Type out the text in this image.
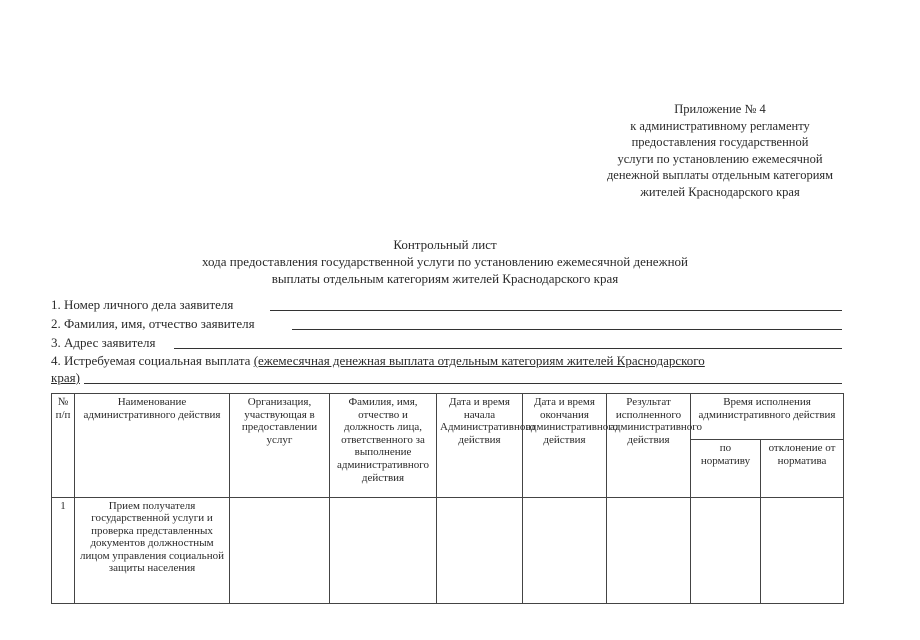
Приложение № 4
к административному регламенту
предоставления государственной
услуги по установлению ежемесячной
денежной выплаты отдельным категориям
жителей Краснодарского края
Контрольный лист
хода предоставления государственной услуги по установлению ежемесячной денежной
выплаты отдельным категориям жителей Краснодарского края
1. Номер личного дела заявителя
2. Фамилия, имя, отчество заявителя
3. Адрес заявителя
4. Истребуемая социальная выплата (ежемесячная денежная выплата отдельным категориям жителей Краснодарского
края)
№ п/п	Наименование административного действия	Организация, участвующая в предоставлении услуг	Фамилия, имя, отчество и должность лица, ответственного за выполнение административного действия	Дата и время начала Административного действия	Дата и время окончания административного действия	Результат исполненного административного действия	Время исполнения административного действия	
							по нормативу	отклонение от норматива
1	Прием получателя государственной услуги и проверка представленных документов должностным лицом управления социальной защиты населения							
